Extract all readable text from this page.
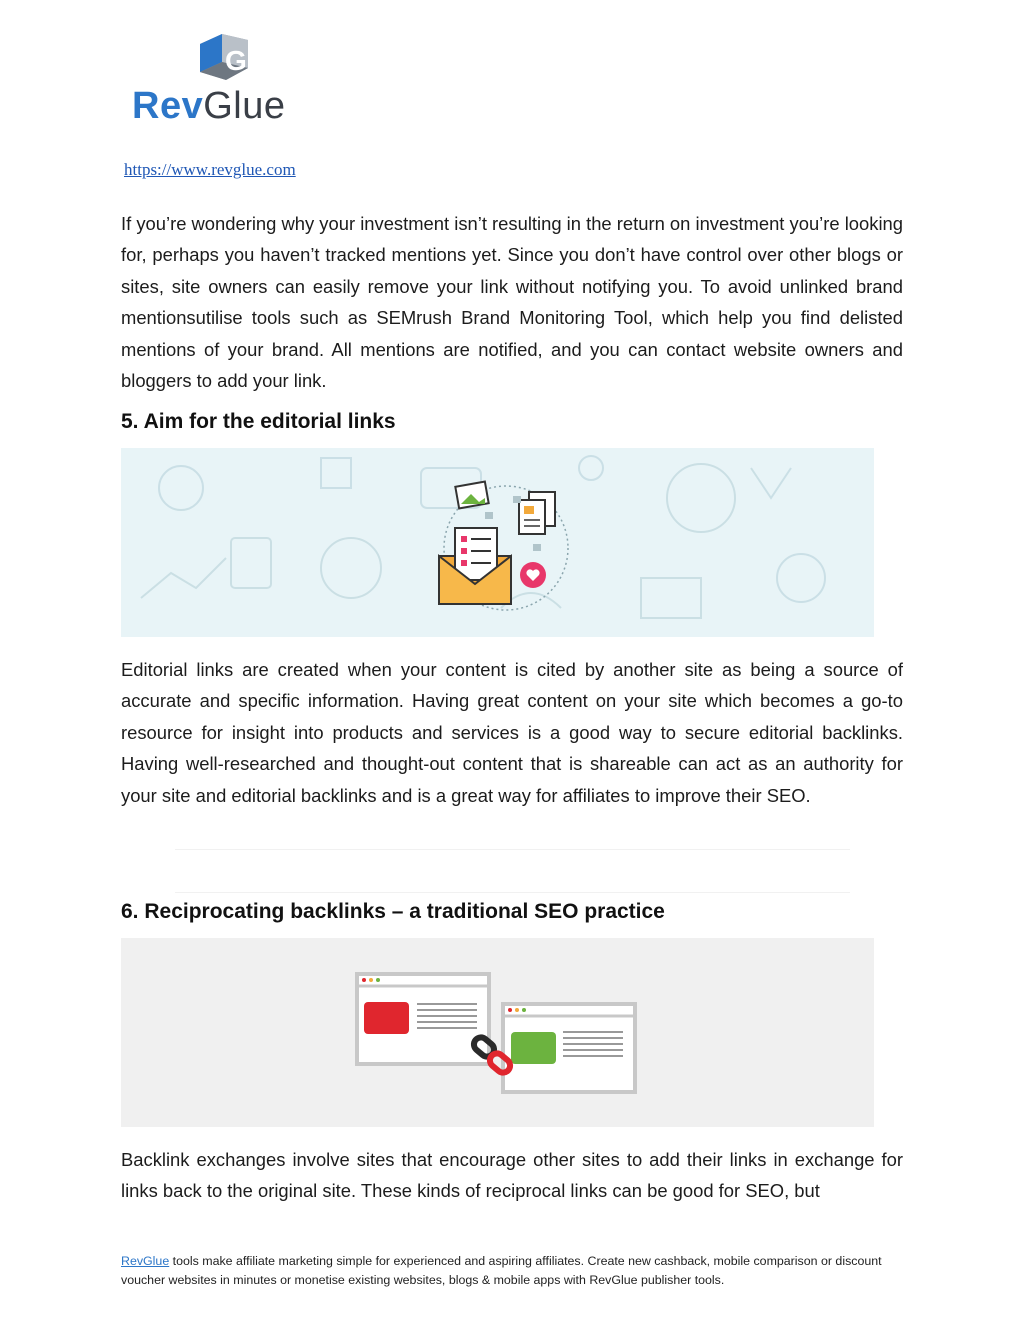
G
RevGlue
https://www.revglue.com

If you’re wondering why your investment isn’t resulting in the return on investment you’re looking for, perhaps you haven’t tracked mentions yet. Since you don’t have control over other blogs or sites, site owners can easily remove your link without notifying you. To avoid unlinked brand mentionsutilise tools such as SEMrush Brand Monitoring Tool, which help you find delisted mentions of your brand. All mentions are notified, and you can contact website owners and bloggers to add your link.

5. Aim for the editorial links

Editorial links are created when your content is cited by another site as being a source of accurate and specific information. Having great content on your site which becomes a go-to resource for insight into products and services is a good way to secure editorial backlinks. Having well-researched and thought-out content that is shareable can act as an authority for your site and editorial backlinks and is a great way for affiliates to improve their SEO.

6. Reciprocating backlinks – a traditional SEO practice

Backlink exchanges involve sites that encourage other sites to add their links in exchange for links back to the original site. These kinds of reciprocal links can be good for SEO, but

RevGlue tools make affiliate marketing simple for experienced and aspiring affiliates. Create new cashback, mobile comparison or discount voucher websites in minutes or monetise existing websites, blogs & mobile apps with RevGlue publisher tools.
